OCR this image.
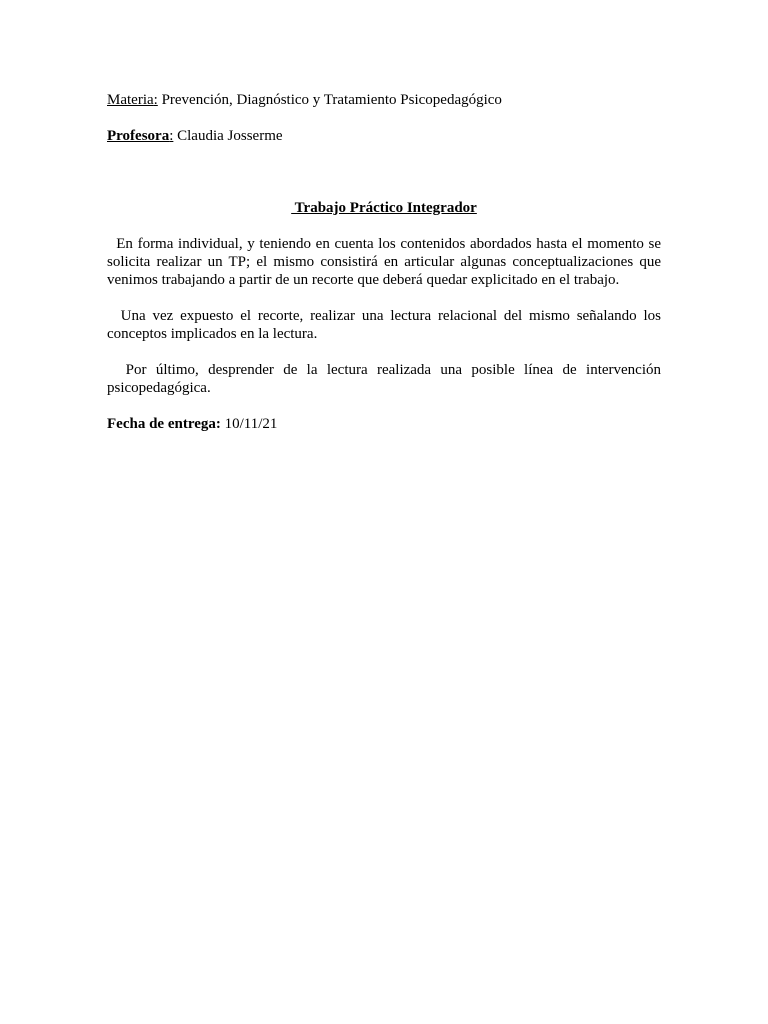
Materia: Prevención, Diagnóstico y Tratamiento Psicopedagógico

Profesora: Claudia Josserme

Trabajo Práctico Integrador

En forma individual, y teniendo en cuenta los contenidos abordados hasta el momento se solicita realizar un TP; el mismo consistirá en articular algunas conceptualizaciones que venimos trabajando a partir de un recorte que deberá quedar explicitado en el trabajo.

Una vez expuesto el recorte, realizar una lectura relacional del mismo señalando los conceptos implicados en la lectura.

Por último, desprender de la lectura realizada una posible línea de intervención psicopedagógica.

Fecha de entrega: 10/11/21
